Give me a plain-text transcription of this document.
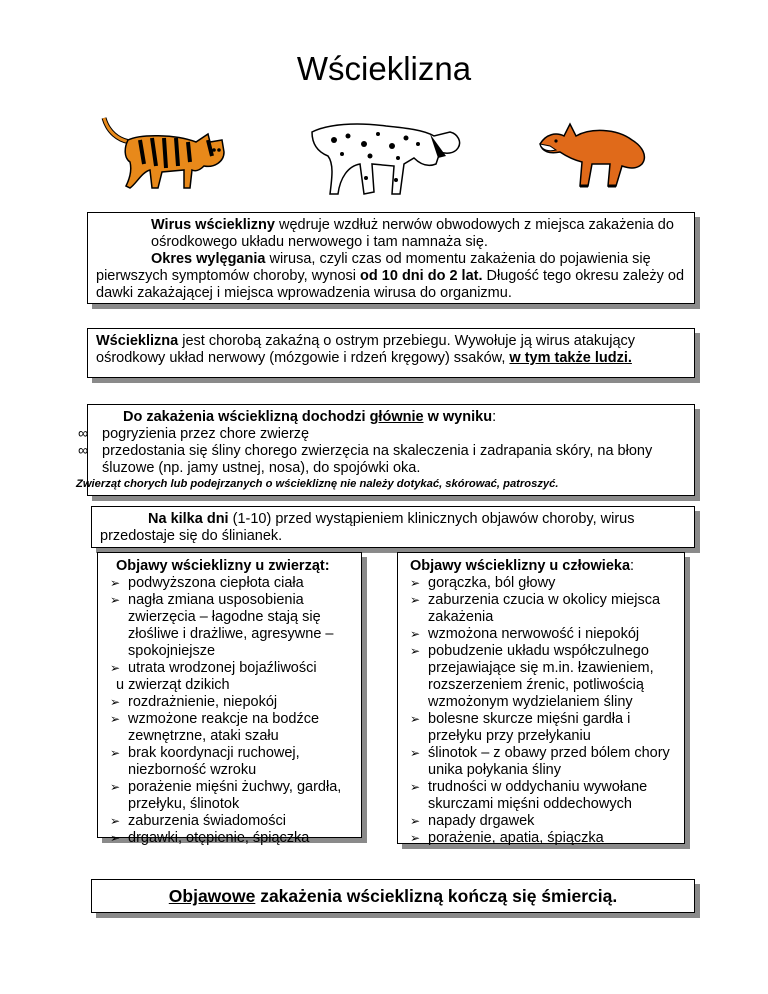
Wścieklizna
Wirus wścieklizny wędruje wzdłuż nerwów obwodowych z miejsca zakażenia do ośrodkowego układu nerwowego i tam namnaża się.
Okres wylęgania wirusa, czyli czas od momentu zakażenia do pojawienia się pierwszych symptomów choroby, wynosi od 10 dni do 2 lat. Długość tego okresu zależy od dawki zakażającej i miejsca wprowadzenia wirusa do organizmu.
Wścieklizna jest chorobą zakaźną o ostrym przebiegu. Wywołuje ją wirus atakujący ośrodkowy układ nerwowy (mózgowie i rdzeń kręgowy) ssaków, w tym także ludzi.
Do zakażenia wścieklizną dochodzi głównie w wyniku:
∞ pogryzienia przez chore zwierzę
∞ przedostania się śliny chorego zwierzęcia na skaleczenia i zadrapania skóry, na błony śluzowe (np. jamy ustnej, nosa), do spojówki oka.
Zwierząt chorych lub podejrzanych o wściekliznę nie należy dotykać, skórować, patroszyć.
Na kilka dni (1-10) przed wystąpieniem klinicznych objawów choroby, wirus przedostaje się do ślinianek.
Objawy wścieklizny u zwierząt:
➢ podwyższona ciepłota ciała
➢ nagła zmiana usposobienia zwierzęcia – łagodne stają się złośliwe i drażliwe, agresywne – spokojniejsze
➢ utrata wrodzonej bojaźliwości
u zwierząt dzikich
➢ rozdrażnienie, niepokój
➢ wzmożone reakcje na bodźce zewnętrzne, ataki szału
➢ brak koordynacji ruchowej, niezborność wzroku
➢ porażenie mięśni żuchwy, gardła, przełyku, ślinotok
➢ zaburzenia świadomości
➢ drgawki, otępienie, śpiączka
Objawy wścieklizny u człowieka:
➢ gorączka, ból głowy
➢ zaburzenia czucia w okolicy miejsca zakażenia
➢ wzmożona nerwowość i niepokój
➢ pobudzenie układu współczulnego przejawiające się m.in. łzawieniem, rozszerzeniem źrenic, potliwością wzmożonym wydzielaniem śliny
➢ bolesne skurcze mięśni gardła i przełyku przy przełykaniu
➢ ślinotok – z obawy przed bólem chory unika połykania śliny
➢ trudności w oddychaniu wywołane skurczami mięśni oddechowych
➢ napady drgawek
➢ porażenie, apatia, śpiączka
Objawowe zakażenia wścieklizną kończą się śmiercią.
